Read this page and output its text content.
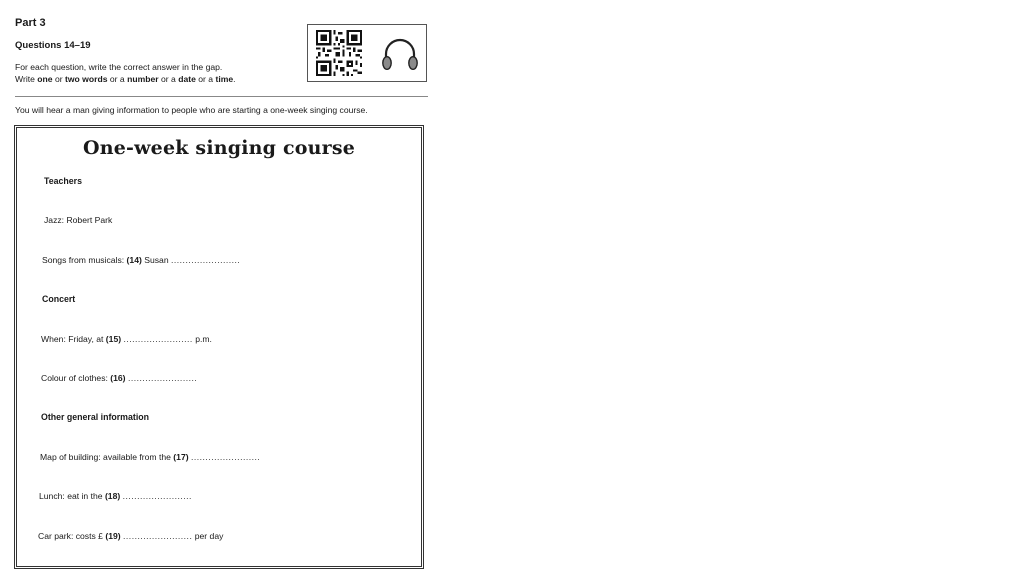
Part 3
Questions 14–19
For each question, write the correct answer in the gap.
Write one or two words or a number or a date or a time.
You will hear a man giving information to people who are starting a one-week singing course.
One-week singing course
Teachers
Jazz: Robert Park
Songs from musicals: (14) Susan ........................
Concert
When: Friday, at (15) ........................ p.m.
Colour of clothes: (16) ........................
Other general information
Map of building: available from the (17) ........................
Lunch: eat in the (18) ........................
Car park: costs £ (19) ........................ per day
